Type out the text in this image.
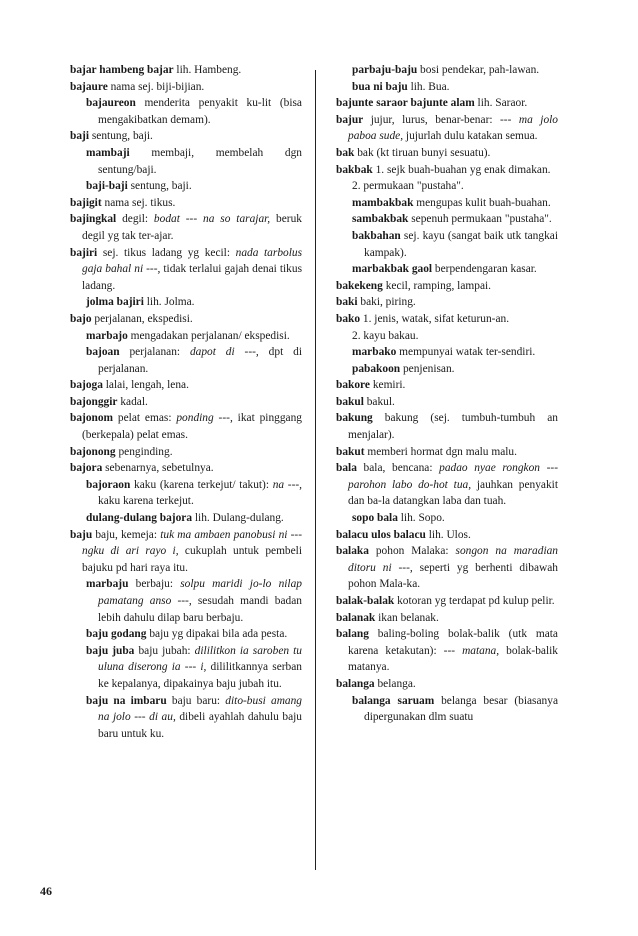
bajar hambeng bajar lih. Hambeng.

bajaure nama sej. biji-bijian.

bajaureon menderita penyakit ku-lit (bisa mengakibatkan demam).

baji sentung, baji.

mambaji membaji, membelah dgn sentung/baji.

baji-baji sentung, baji.

bajigit nama sej. tikus.

bajingkal degil: bodat --- na so tarajar, beruk degil yg tak ter-ajar.

bajiri sej. tikus ladang yg kecil: nada tarbolus gaja bahal ni ---, tidak terlalui gajah denai tikus ladang.

jolma bajiri lih. Jolma.

bajo perjalanan, ekspedisi.

marbajo mengadakan perjalanan/ ekspedisi.

bajoan perjalanan: dapot di ---, dpt di perjalanan.

bajoga lalai, lengah, lena.

bajonggir kadal.

bajonom pelat emas: ponding ---, ikat pinggang (berkepala) pelat emas.

bajonong penginding.

bajora sebenarnya, sebetulnya.

bajoraon kaku (karena terkejut/ takut): na ---, kaku karena terkejut.

dulang-dulang bajora lih. Dulang-dulang.

baju baju, kemeja: tuk ma ambaen panobusi ni ---ngku di ari rayo i, cukuplah untuk pembeli bajuku pd hari raya itu.

marbaju berbaju: solpu maridi jo-lo nilap pamatang anso ---, sesudah mandi badan lebih dahulu dilap baru berbaju.

baju godang baju yg dipakai bila ada pesta.

baju juba baju jubah: dililitkon ia saroben tu uluna diserong ia --- i, dililitkannya serban ke kepalanya, dipakainya baju jubah itu.

baju na imbaru baju baru: dito-busi amang na jolo --- di au, dibeli ayahlah dahulu baju baru untuk ku.

parbaju-baju bosi pendekar, pah-lawan.

bua ni baju lih. Bua.

bajunte saraor bajunte alam lih. Saraor.

bajur jujur, lurus, benar-benar: --- ma jolo paboa sude, jujurlah dulu katakan semua.

bak bak (kt tiruan bunyi sesuatu).

bakbak 1. sejk buah-buahan yg enak dimakan.

2. permukaan "pustaha".

mambakbak mengupas kulit buah-buahan.

sambakbak sepenuh permukaan "pustaha".

bakbahan sej. kayu (sangat baik utk tangkai kampak).

marbakbak gaol berpendengaran kasar.

bakekeng kecil, ramping, lampai.

baki baki, piring.

bako 1. jenis, watak, sifat keturun-an.

2. kayu bakau.

marbako mempunyai watak ter-sendiri.

pabakoon penjenisan.

bakore kemiri.

bakul bakul.

bakung bakung (sej. tumbuh-tumbuh an menjalar).

bakut memberi hormat dgn malu malu.

bala bala, bencana: padao nyae rongkon --- parohon labo do-hot tua, jauhkan penyakit dan ba-la datangkan laba dan tuah.

sopo bala lih. Sopo.

balacu ulos balacu lih. Ulos.

balaka pohon Malaka: songon na maradian ditoru ni ---, seperti yg berhenti dibawah pohon Mala-ka.

balak-balak kotoran yg terdapat pd kulup pelir.

balanak ikan belanak.

balang baling-boling bolak-balik (utk mata karena ketakutan): --- matana, bolak-balik matanya.

balanga belanga.

balanga saruam belanga besar (biasanya dipergunakan dlm suatu

46
